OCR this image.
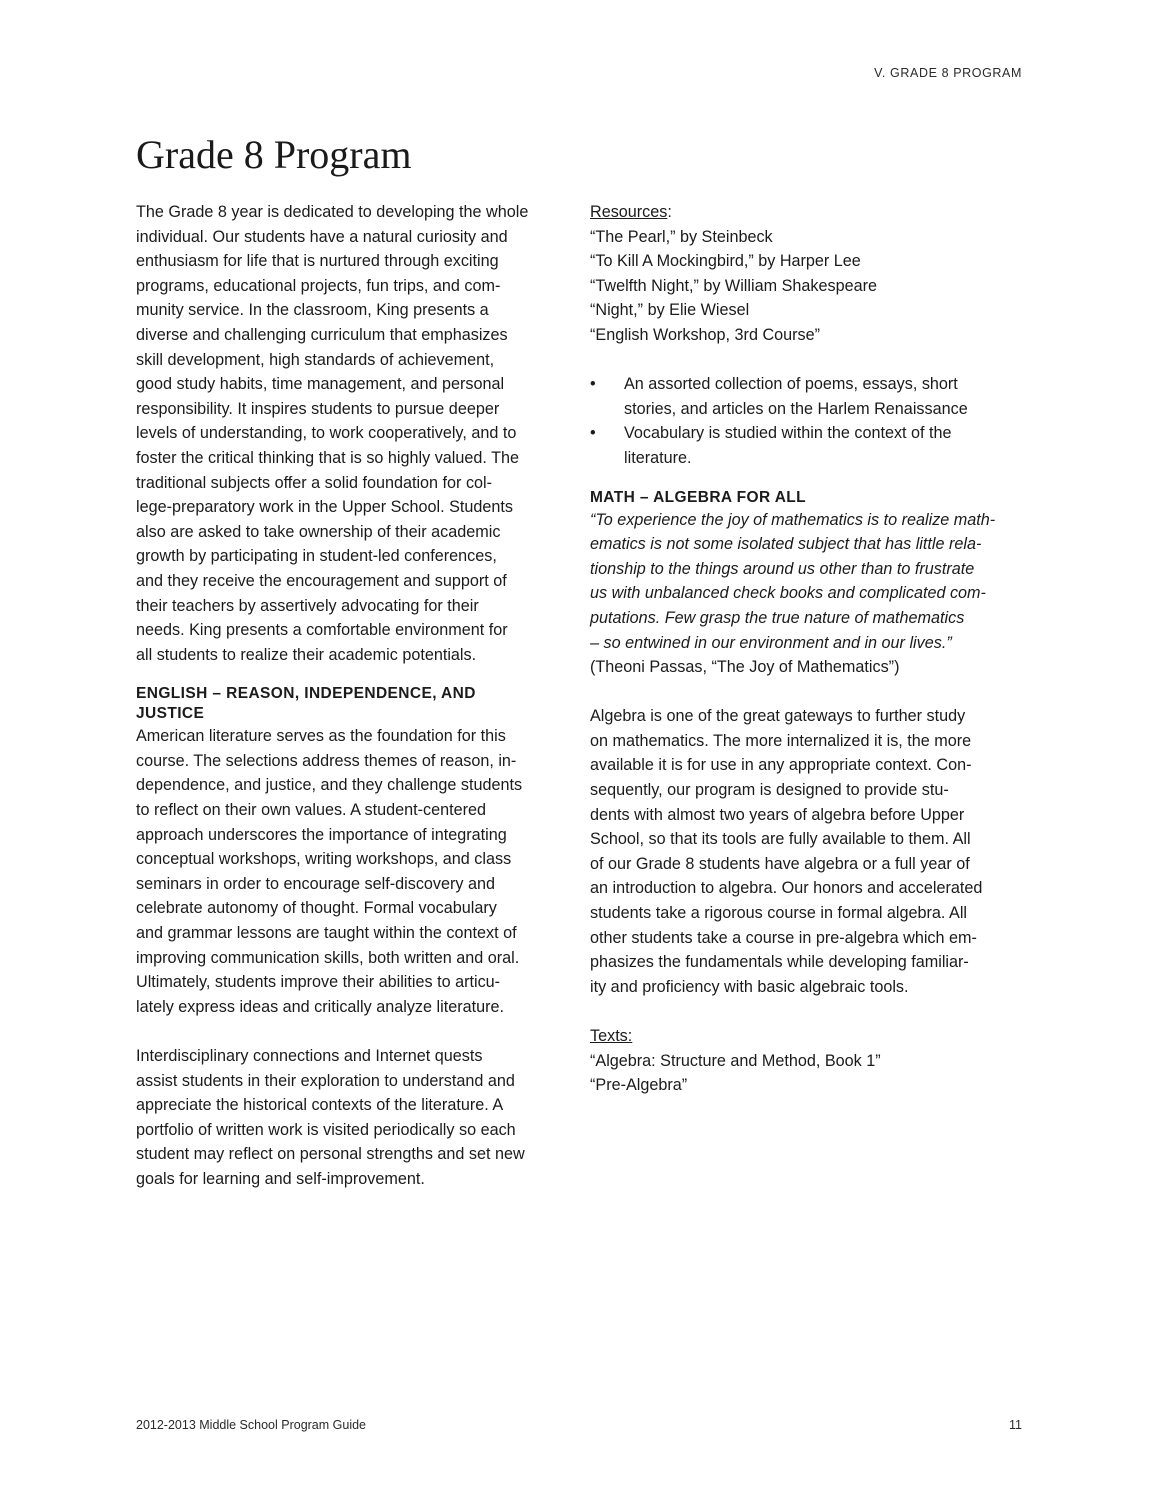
V. GRADE 8 PROGRAM
Grade 8 Program

The Grade 8 year is dedicated to developing the whole
individual. Our students have a natural curiosity and
enthusiasm for life that is nurtured through exciting
programs, educational projects, fun trips, and com-
munity service. In the classroom, King presents a
diverse and challenging curriculum that emphasizes
skill development, high standards of achievement,
good study habits, time management, and personal
responsibility. It inspires students to pursue deeper
levels of understanding, to work cooperatively, and to
foster the critical thinking that is so highly valued. The
traditional subjects offer a solid foundation for col-
lege-preparatory work in the Upper School. Students
also are asked to take ownership of their academic
growth by participating in student-led conferences,
and they receive the encouragement and support of
their teachers by assertively advocating for their
needs. King presents a comfortable environment for
all students to realize their academic potentials.

ENGLISH – REASON, INDEPENDENCE, AND
JUSTICE

American literature serves as the foundation for this
course. The selections address themes of reason, in-
dependence, and justice, and they challenge students
to reflect on their own values. A student-centered
approach underscores the importance of integrating
conceptual workshops, writing workshops, and class
seminars in order to encourage self-discovery and
celebrate autonomy of thought. Formal vocabulary
and grammar lessons are taught within the context of
improving communication skills, both written and oral.
Ultimately, students improve their abilities to articu-
lately express ideas and critically analyze literature.

Interdisciplinary connections and Internet quests
assist students in their exploration to understand and
appreciate the historical contexts of the literature. A
portfolio of written work is visited periodically so each
student may reflect on personal strengths and set new
goals for learning and self-improvement.

Resources:

“The Pearl,” by Steinbeck
“To Kill A Mockingbird,” by Harper Lee
“Twelfth Night,” by William Shakespeare
“Night,” by Elie Wiesel
“English Workshop, 3rd Course”
• An assorted collection of poems, essays, short
stories, and articles on the Harlem Renaissance
• Vocabulary is studied within the context of the
literature.

MATH – ALGEBRA FOR ALL

“To experience the joy of mathematics is to realize math-
ematics is not some isolated subject that has little rela-
tionship to the things around us other than to frustrate
us with unbalanced check books and complicated com-
putations. Few grasp the true nature of mathematics
– so entwined in our environment and in our lives.”

(Theoni Passas, “The Joy of Mathematics”)

Algebra is one of the great gateways to further study
on mathematics. The more internalized it is, the more
available it is for use in any appropriate context. Con-
sequently, our program is designed to provide stu-
dents with almost two years of algebra before Upper
School, so that its tools are fully available to them. All
of our Grade 8 students have algebra or a full year of
an introduction to algebra. Our honors and accelerated
students take a rigorous course in formal algebra. All
other students take a course in pre-algebra which em-
phasizes the fundamentals while developing familiar-
ity and proficiency with basic algebraic tools.

Texts:

“Algebra: Structure and Method, Book 1”
“Pre-Algebra”
2012-2013 Middle School Program Guide	11
